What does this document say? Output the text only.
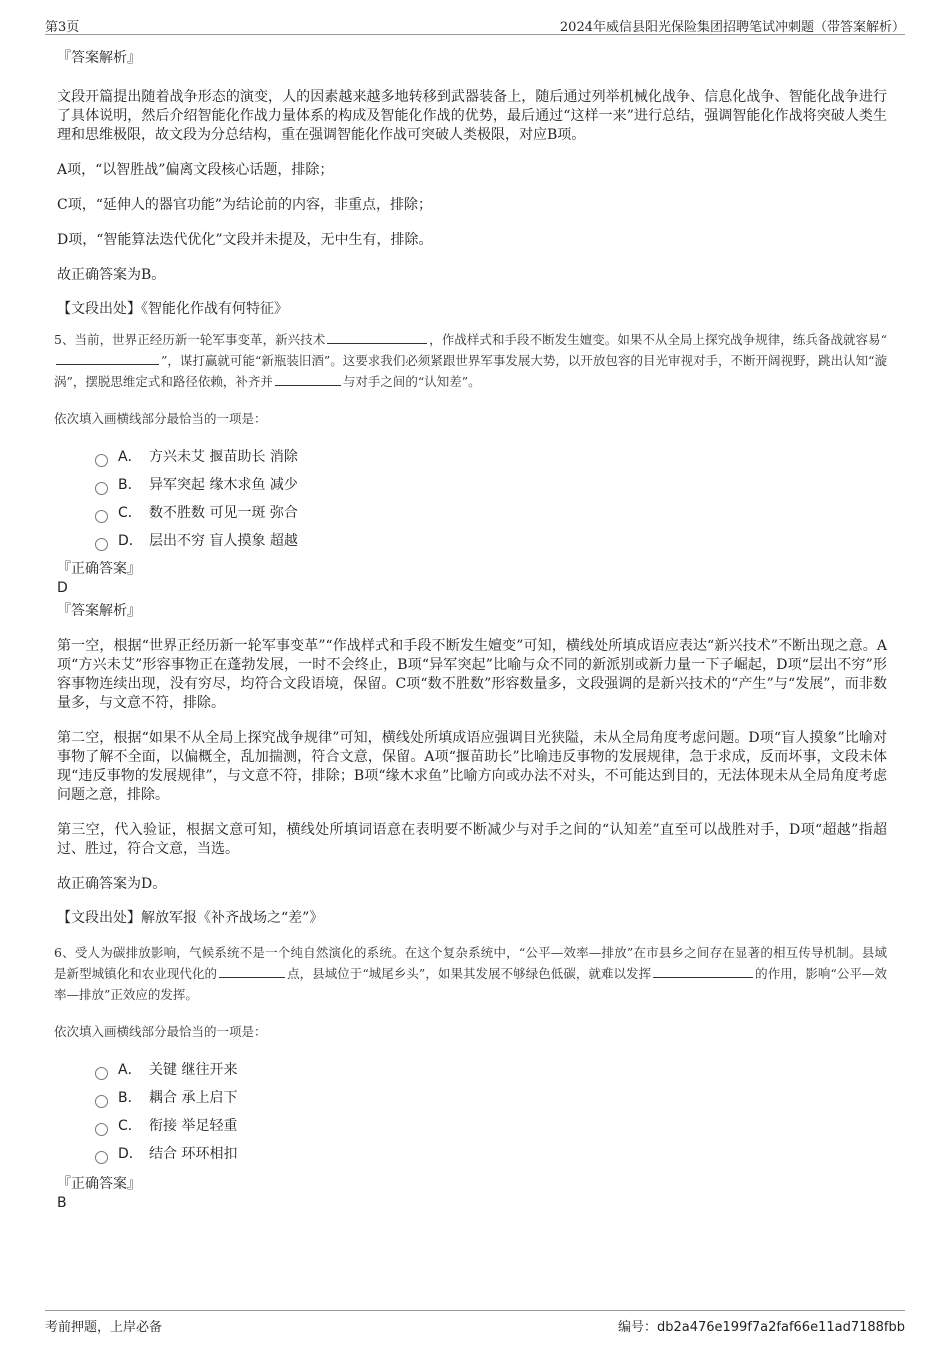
第3页	2024年威信县阳光保险集团招聘笔试冲刺题（带答案解析）
『答案解析』

文段开篇提出随着战争形态的演变，人的因素越来越多地转移到武器装备上，随后通过列举机械化战争、信息化战争、智能化战争进行了具体说明，然后介绍智能化作战力量体系的构成及智能化作战的优势，最后通过“这样一来”进行总结，强调智能化作战将突破人类生理和思维极限，故文段为分总结构，重在强调智能化作战可突破人类极限，对应B项。

A项，“以智胜战”偏离文段核心话题，排除；

C项，“延伸人的器官功能”为结论前的内容，非重点，排除；

D项，“智能算法迭代优化”文段并未提及，无中生有，排除。

故正确答案为B。

【文段出处】《智能化作战有何特征》

5、当前，世界正经历新一轮军事变革，新兴技术	，作战样式和手段不断发生嬗变。如果不从全局上探究战争规律，练兵备战就容易“”，谋打赢就可能“新瓶装旧酒”。这要求我们必须紧跟世界军事发展大势，以开放包容的目光审视对手，不断开阔视野，跳出认知“漩涡”，摆脱思维定式和路径依赖，补齐并	与对手之间的“认知差”。

依次填入画横线部分最恰当的一项是：
A． 方兴未艾 揠苗助长 消除
B． 异军突起 缘木求鱼 减少
C． 数不胜数 可见一斑 弥合
D． 层出不穷 盲人摸象 超越
『正确答案』
D
『答案解析』

第一空，根据“世界正经历新一轮军事变革”“作战样式和手段不断发生嬗变”可知，横线处所填成语应表达“新兴技术”不断出现之意。A项“方兴未艾”形容事物正在蓬勃发展，一时不会终止，B项“异军突起”比喻与众不同的新派别或新力量一下子崛起，D项“层出不穷”形容事物连续出现，没有穷尽，均符合文段语境，保留。C项“数不胜数”形容数量多，文段强调的是新兴技术的“产生”与“发展”，而非数量多，与文意不符，排除。

第二空，根据“如果不从全局上探究战争规律”可知，横线处所填成语应强调目光狭隘，未从全局角度考虑问题。D项“盲人摸象”比喻对事物了解不全面，以偏概全，乱加揣测，符合文意，保留。A项“揠苗助长”比喻违反事物的发展规律，急于求成，反而坏事，文段未体现“违反事物的发展规律”，与文意不符，排除；B项“缘木求鱼”比喻方向或办法不对头，不可能达到目的，无法体现未从全局角度考虑问题之意，排除。

第三空，代入验证，根据文意可知，横线处所填词语意在表明要不断减少与对手之间的“认知差”直至可以战胜对手，D项“超越”指超过、胜过，符合文意，当选。

故正确答案为D。

【文段出处】解放军报《补齐战场之“差”》

6、受人为碳排放影响，气候系统不是一个纯自然演化的系统。在这个复杂系统中，“公平—效率—排放”在市县乡之间存在显著的相互传导机制。县域是新型城镇化和农业现代化的	点，县域位于“城尾乡头”，如果其发展不够绿色低碳，就难以发挥	的作用，影响“公平—效率—排放”正效应的发挥。

依次填入画横线部分最恰当的一项是：
A． 关键 继往开来
B． 耦合 承上启下
C． 衔接 举足轻重
D． 结合 环环相扣
『正确答案』
B
考前押题，上岸必备	编号：db2a476e199f7a2faf66e11ad7188fbb
